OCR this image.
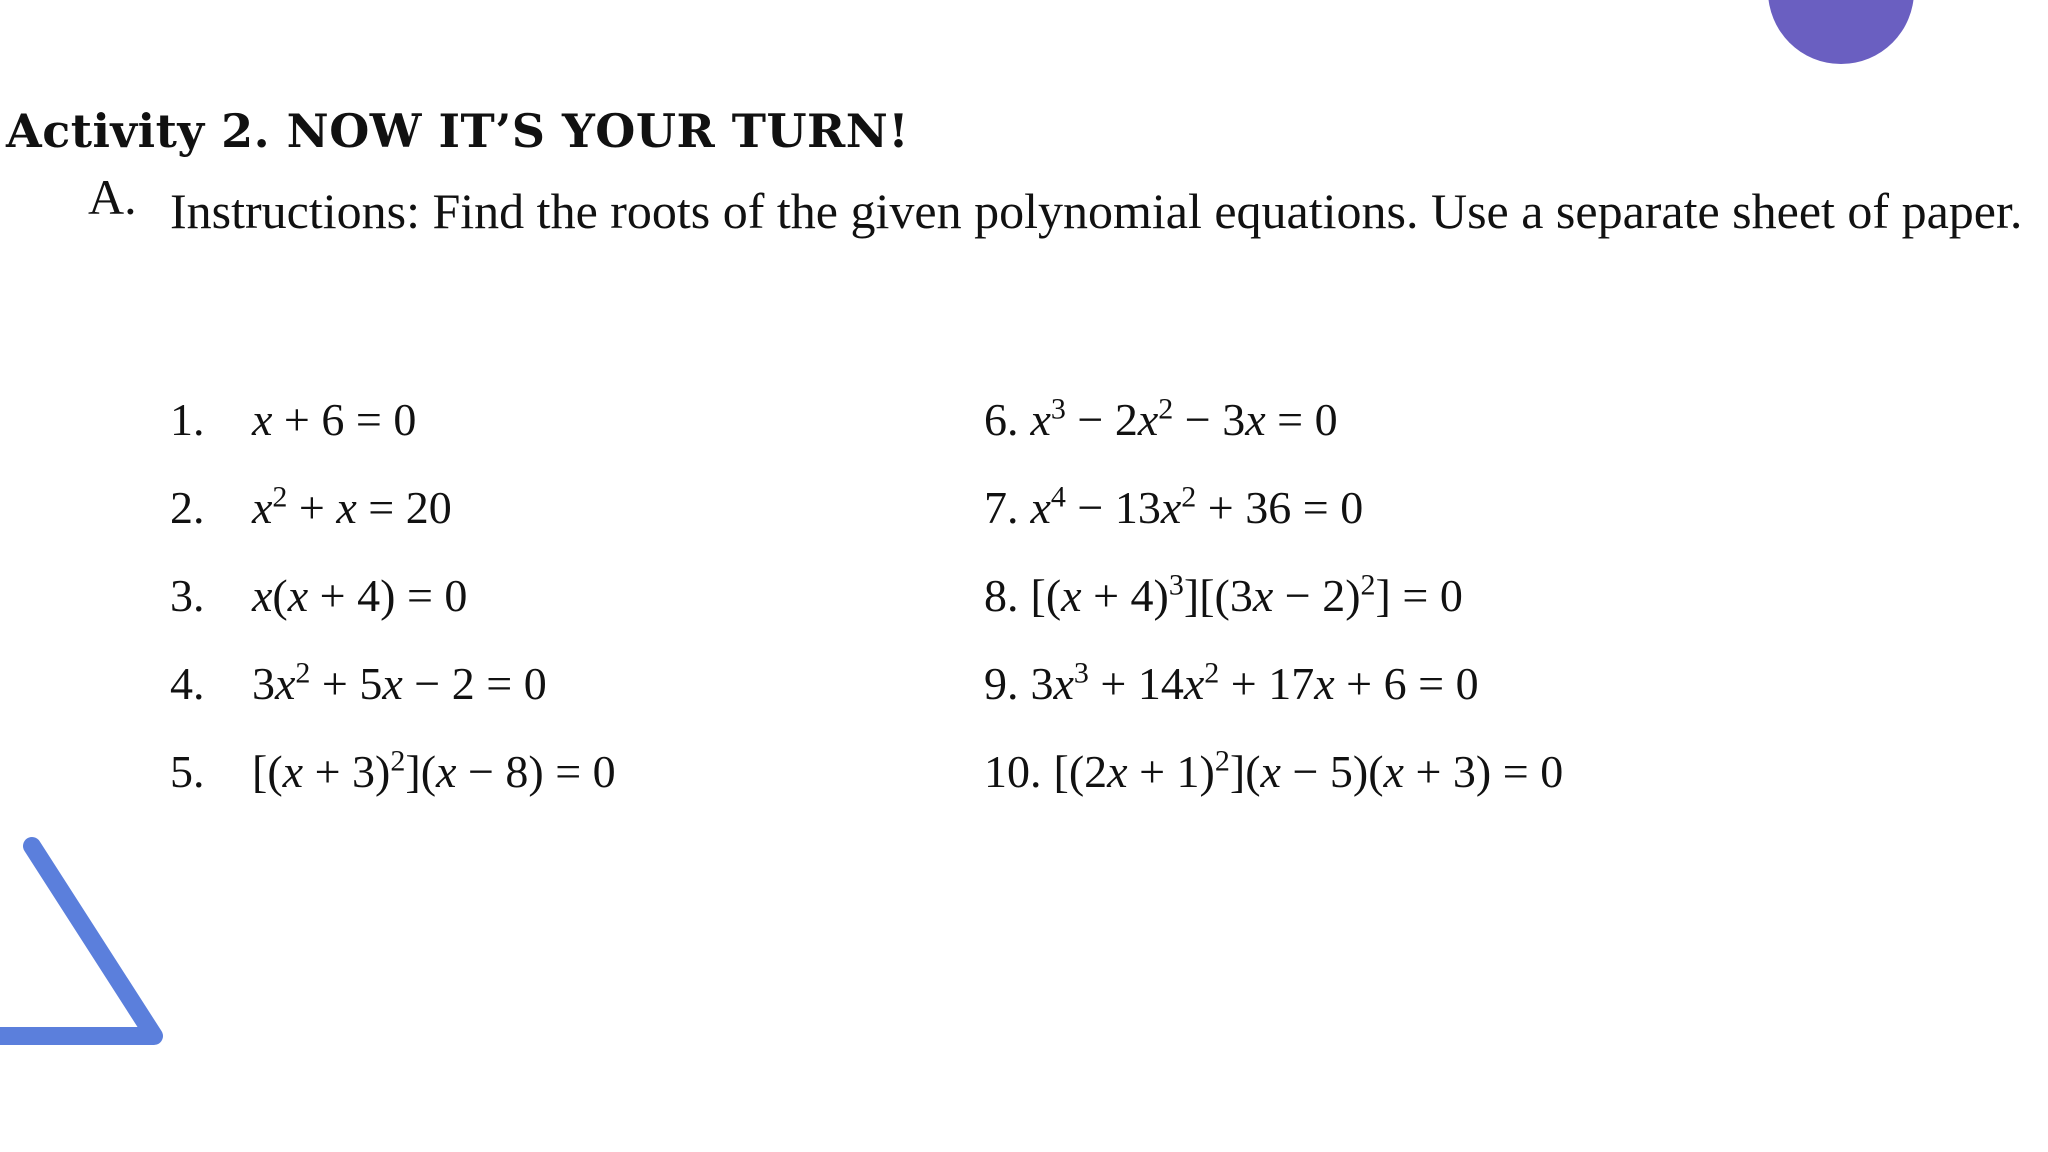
Activity 2. NOW IT’S YOUR TURN!
A. Instructions: Find the roots of the given polynomial equations. Use a separate sheet of paper.

1.	x + 6 = 0
2.	$x^2 + x = 20$
3.	x(x + 4) = 0
4.	$3x^2 + 5x - 2 = 0$
5.	$[(x + 3)^2](x - 8) = 0$
6. $x^3 - 2x^2 - 3x = 0$
7. $x^4 - 13x^2 + 36 = 0$
8. $[(x + 4)^3][(3x - 2)^2] = 0$
9. $3x^3 + 14x^2 + 17x + 6 = 0$
10. $[(2x + 1)^2](x - 5)(x + 3) = 0$
